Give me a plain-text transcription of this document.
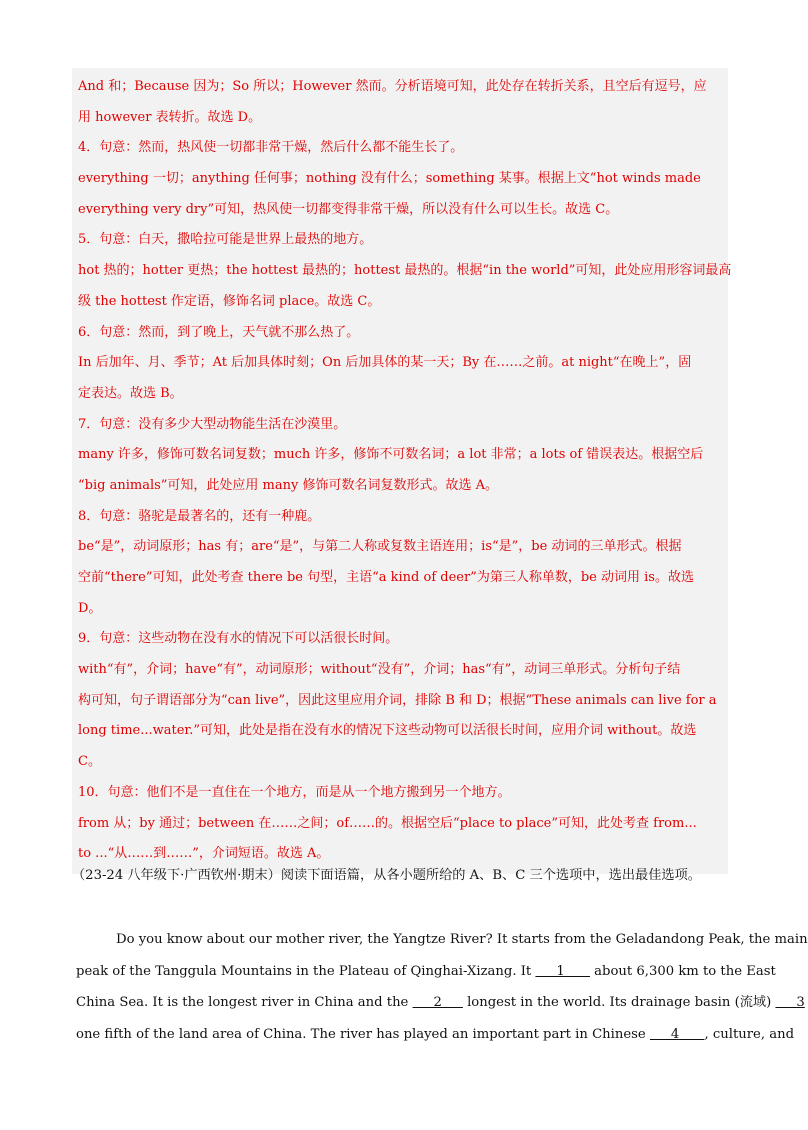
And 和；Because 因为；So 所以；However 然而。分析语境可知，此处存在转折关系，且空后有逗号，应
用 however 表转折。故选 D。
4．句意：然而，热风使一切都非常干燥，然后什么都不能生长了。
everything 一切；anything 任何事；nothing 没有什么；something 某事。根据上文“hot winds made
everything very dry”可知，热风使一切都变得非常干燥，所以没有什么可以生长。故选 C。
5．句意：白天，撒哈拉可能是世界上最热的地方。
hot 热的；hotter 更热；the hottest 最热的；hottest 最热的。根据“in the world”可知，此处应用形容词最高
级 the hottest 作定语，修饰名词 place。故选 C。
6．句意：然而，到了晚上，天气就不那么热了。
In 后加年、月、季节；At 后加具体时刻；On 后加具体的某一天；By 在……之前。at night“在晚上”，固
定表达。故选 B。
7．句意：没有多少大型动物能生活在沙漠里。
many 许多，修饰可数名词复数；much 许多，修饰不可数名词；a lot 非常；a lots of 错误表达。根据空后
“big animals”可知，此处应用 many 修饰可数名词复数形式。故选 A。
8．句意：骆驼是最著名的，还有一种鹿。
be“是”，动词原形；has 有；are“是”，与第二人称或复数主语连用；is“是”，be 动词的三单形式。根据
空前“there”可知，此处考查 there be 句型，主语“a kind of deer”为第三人称单数，be 动词用 is。故选
D。
9．句意：这些动物在没有水的情况下可以活很长时间。
with“有”，介词；have“有”，动词原形；without“没有”，介词；has“有”，动词三单形式。分析句子结
构可知，句子谓语部分为“can live”，因此这里应用介词，排除 B 和 D；根据“These animals can live for a
long time...water.”可知，此处是指在没有水的情况下这些动物可以活很长时间，应用介词 without。故选
C。
10．句意：他们不是一直住在一个地方，而是从一个地方搬到另一个地方。
from 从；by 通过；between 在……之间；of……的。根据空后“place to place”可知，此处考查 from...
to ...“从……到……”，介词短语。故选 A。
（23-24 八年级下·广西钦州·期末）阅读下面语篇，从各小题所给的 A、B、C 三个选项中，选出最佳选项。
Do you know about our mother river, the Yangtze River? It starts from the Geladandong Peak, the main
peak of the Tanggula Mountains in the Plateau of Qinghai-Xizang. It      1       about 6,300 km to the East
China Sea. It is the longest river in China and the      2      longest in the world. Its drainage basin (流域)      3
one fifth of the land area of China. The river has played an important part in Chinese      4      , culture, and
